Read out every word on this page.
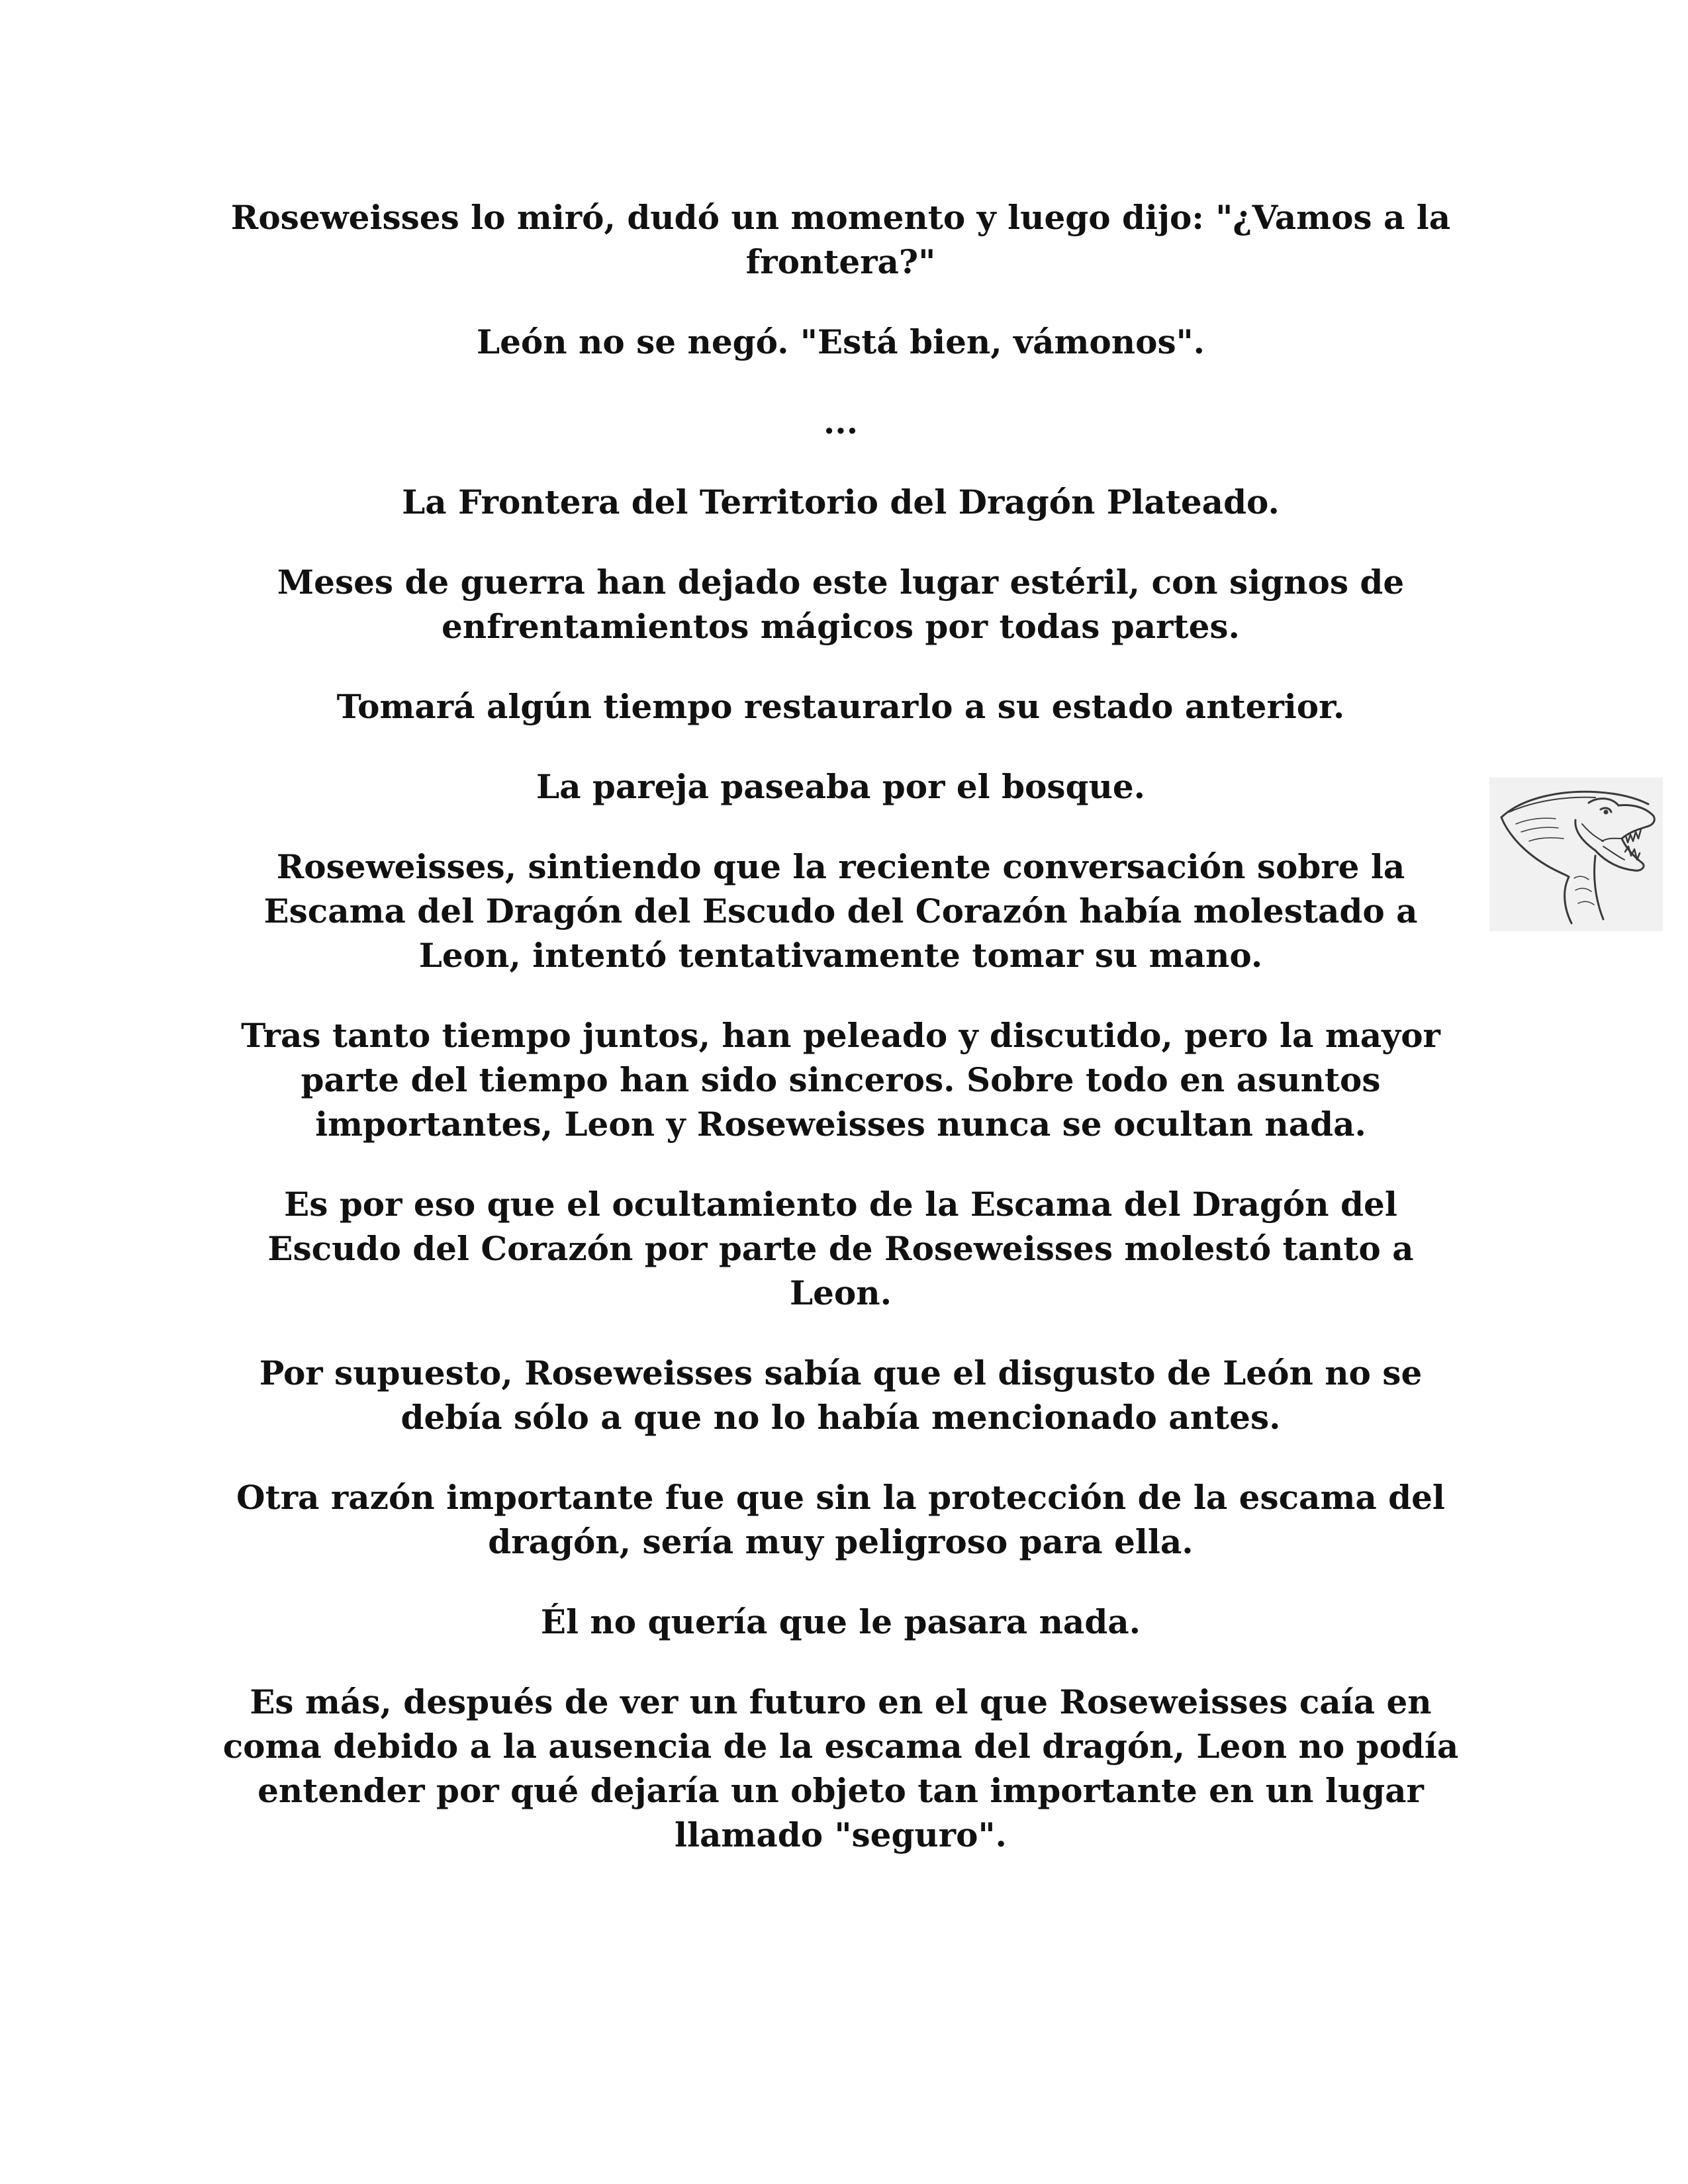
Roseweisses lo miró, dudó un momento y luego dijo: "¿Vamos a la frontera?"

León no se negó. "Está bien, vámonos".

...

La Frontera del Territorio del Dragón Plateado.

Meses de guerra han dejado este lugar estéril, con signos de enfrentamientos mágicos por todas partes.

Tomará algún tiempo restaurarlo a su estado anterior.

La pareja paseaba por el bosque.

Roseweisses, sintiendo que la reciente conversación sobre la Escama del Dragón del Escudo del Corazón había molestado a Leon, intentó tentativamente tomar su mano.

Tras tanto tiempo juntos, han peleado y discutido, pero la mayor parte del tiempo han sido sinceros. Sobre todo en asuntos importantes, Leon y Roseweisses nunca se ocultan nada.

Es por eso que el ocultamiento de la Escama del Dragón del Escudo del Corazón por parte de Roseweisses molestó tanto a Leon.

Por supuesto, Roseweisses sabía que el disgusto de León no se debía sólo a que no lo había mencionado antes.

Otra razón importante fue que sin la protección de la escama del dragón, sería muy peligroso para ella.

Él no quería que le pasara nada.

Es más, después de ver un futuro en el que Roseweisses caía en coma debido a la ausencia de la escama del dragón, Leon no podía entender por qué dejaría un objeto tan importante en un lugar llamado "seguro".
